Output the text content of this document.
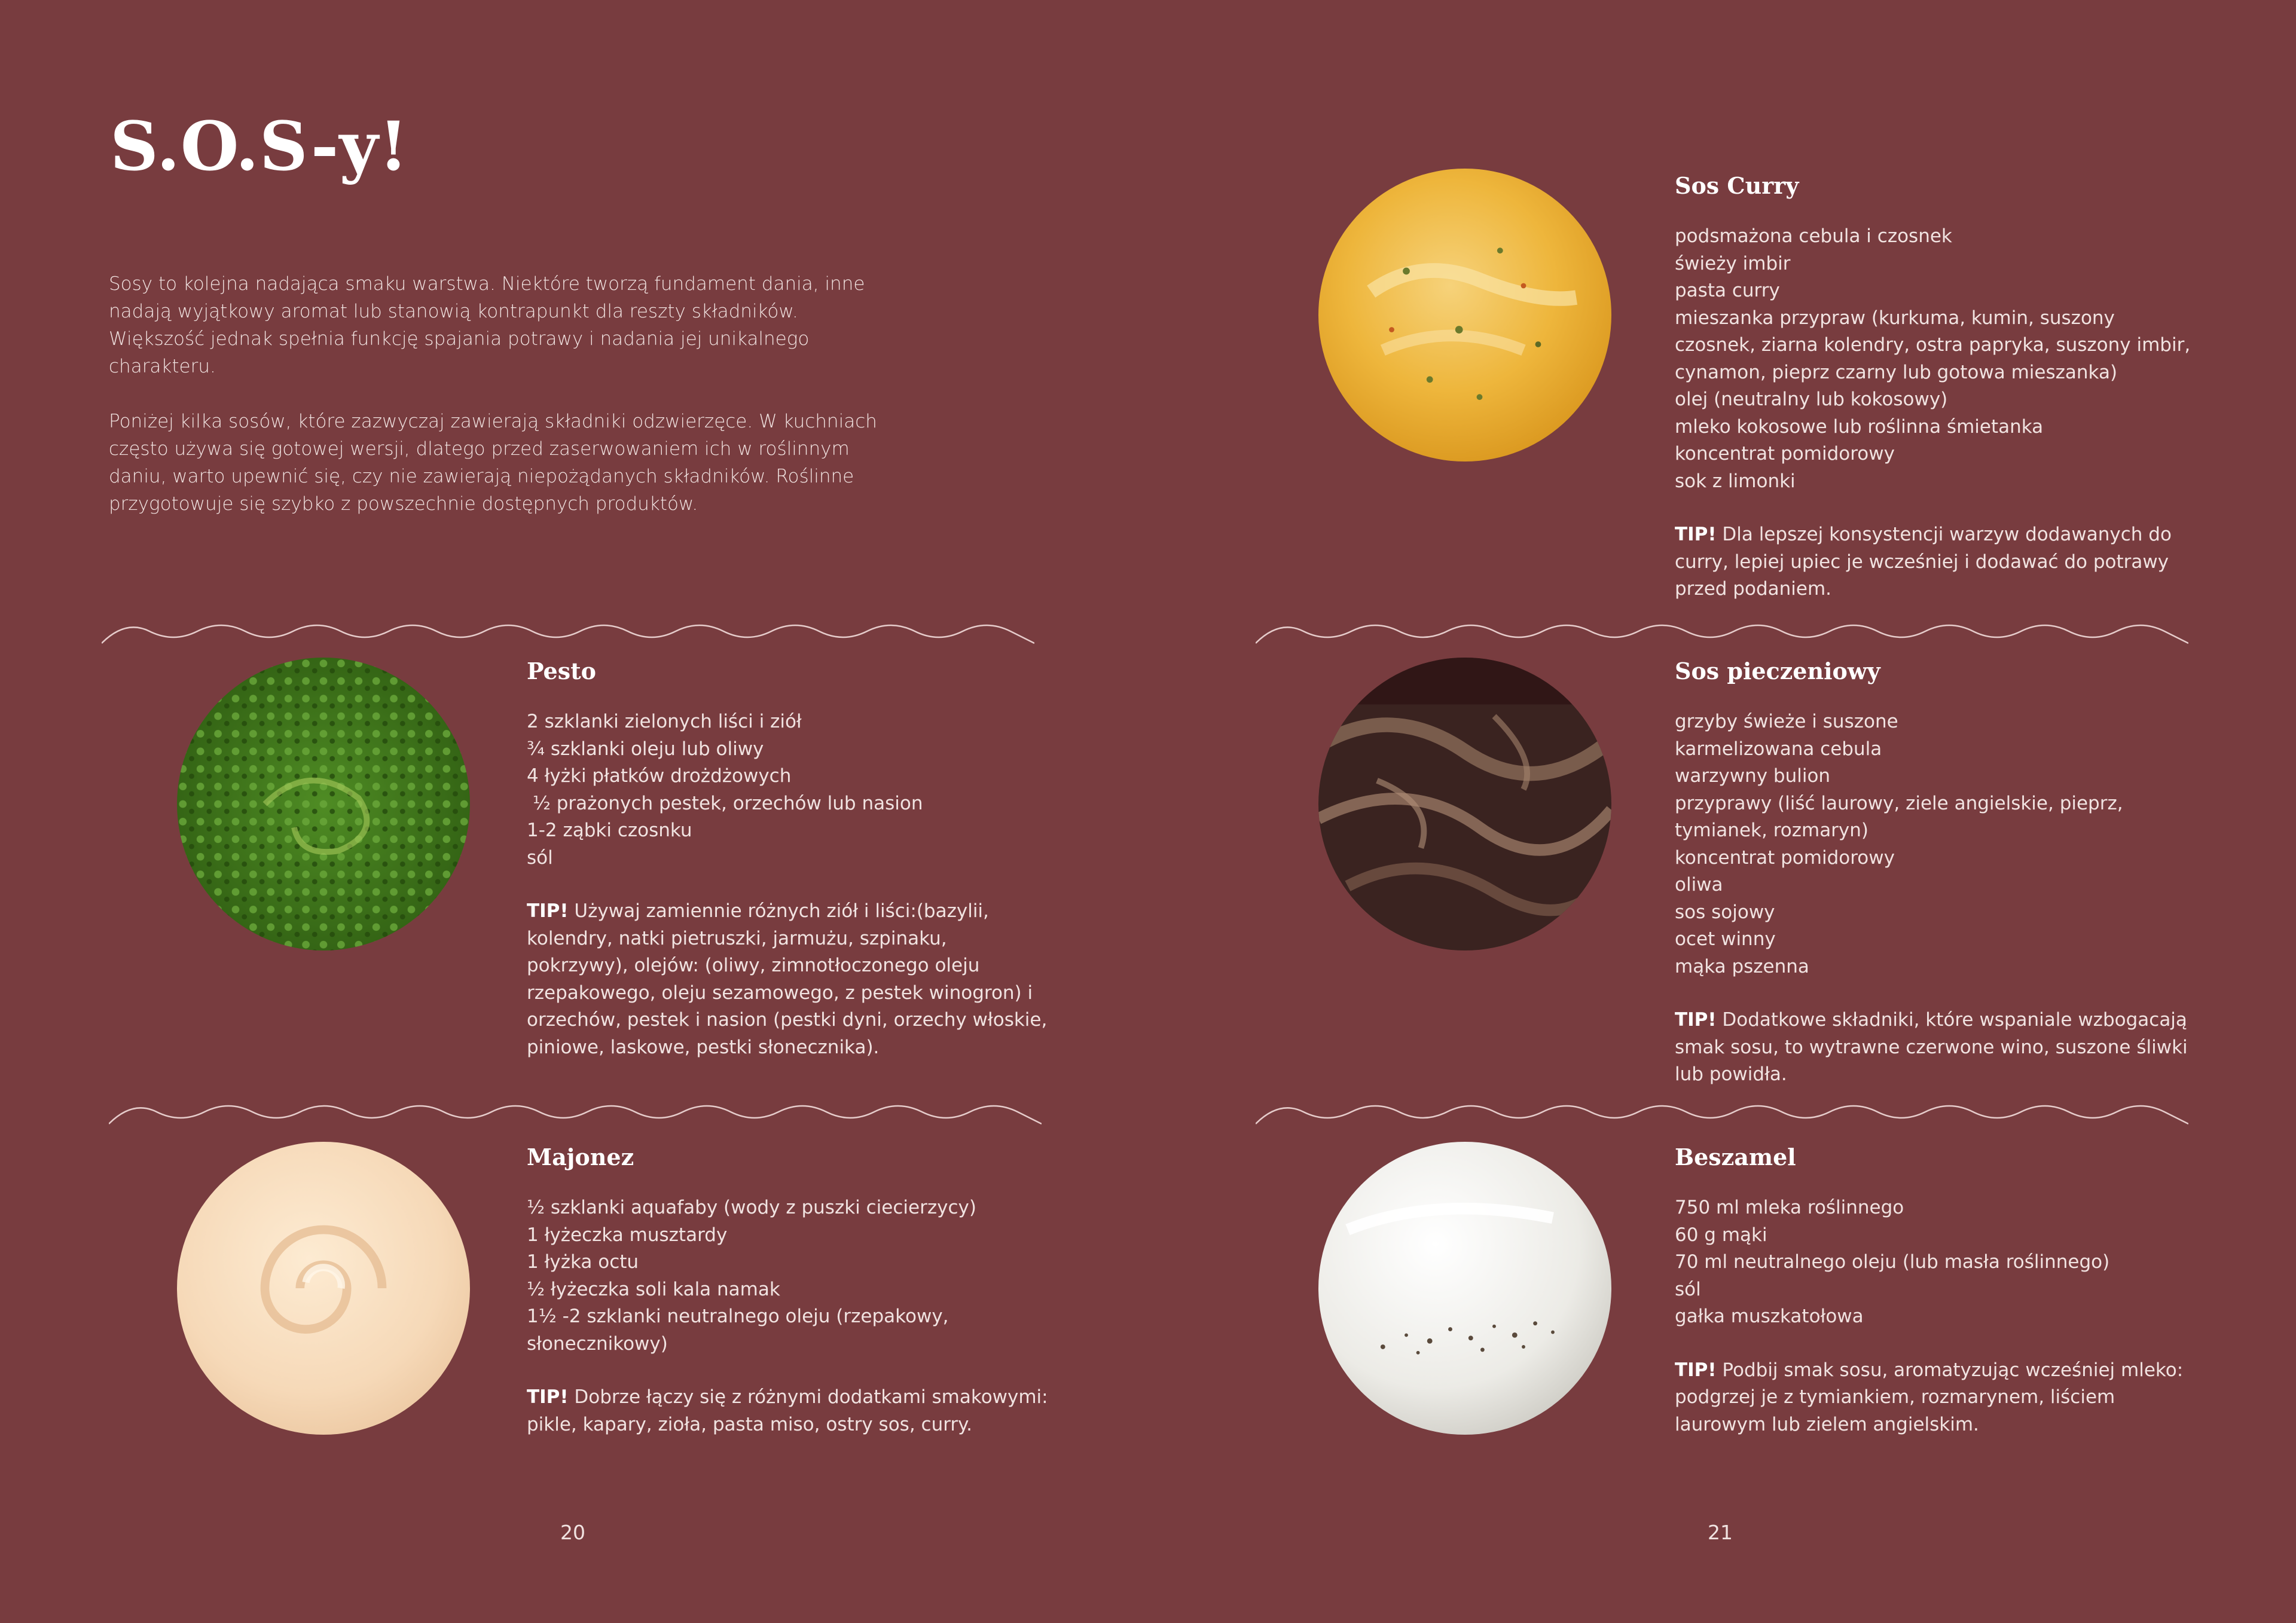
S.O.S-y!

Sosy to kolejna nadająca smaku warstwa. Niektóre tworzą fundament dania, inne nadają wyjątkowy aromat lub stanowią kontrapunkt dla reszty składników. Większość jednak spełnia funkcję spajania potrawy i nadania jej unikalnego charakteru.

Poniżej kilka sosów, które zazwyczaj zawierają składniki odzwierzęce. W kuchniach często używa się gotowej wersji, dlatego przed zaserwowaniem ich w roślinnym daniu, warto upewnić się, czy nie zawierają niepożądanych składników. Roślinne przygotowuje się szybko z powszechnie dostępnych produktów.

Sos Curry
podsmażona cebula i czosnek
świeży imbir
pasta curry
mieszanka przypraw (kurkuma, kumin, suszony czosnek, ziarna kolendry, ostra papryka, suszony imbir, cynamon, pieprz czarny lub gotowa mieszanka)
olej (neutralny lub kokosowy)
mleko kokosowe lub roślinna śmietanka
koncentrat pomidorowy
sok z limonki

TIP! Dla lepszej konsystencji warzyw dodawanych do curry, lepiej upiec je wcześniej i dodawać do potrawy przed podaniem.

Pesto
2 szklanki zielonych liści i ziół
¾ szklanki oleju lub oliwy
4 łyżki płatków drożdżowych
½ prażonych pestek, orzechów lub nasion
1-2 ząbki czosnku
sól

TIP! Używaj zamiennie różnych ziół i liści:(bazylii, kolendry, natki pietruszki, jarmużu, szpinaku, pokrzywy), olejów: (oliwy, zimnotłoczonego oleju rzepakowego, oleju sezamowego, z pestek winogron) i orzechów, pestek i nasion (pestki dyni, orzechy włoskie, piniowe, laskowe, pestki słonecznika).

Sos pieczeniowy
grzyby świeże i suszone
karmelizowana cebula
warzywny bulion
przyprawy (liść laurowy, ziele angielskie, pieprz, tymianek, rozmaryn)
koncentrat pomidorowy
oliwa
sos sojowy
ocet winny
mąka pszenna

TIP! Dodatkowe składniki, które wspaniale wzbogacają smak sosu, to wytrawne czerwone wino, suszone śliwki lub powidła.

Majonez
½ szklanki aquafaby (wody z puszki ciecierzycy)
1 łyżeczka musztardy
1 łyżka octu
½ łyżeczka soli kala namak
1½ -2 szklanki neutralnego oleju (rzepakowy, słonecznikowy)

TIP! Dobrze łączy się z różnymi dodatkami smakowymi: pikle, kapary, zioła, pasta miso, ostry sos, curry.

Beszamel
750 ml mleka roślinnego
60 g mąki
70 ml neutralnego oleju (lub masła roślinnego)
sól
gałka muszkatołowa

TIP! Podbij smak sosu, aromatyzując wcześniej mleko: podgrzej je z tymiankiem, rozmarynem, liściem laurowym lub zielem angielskim.

20	21
